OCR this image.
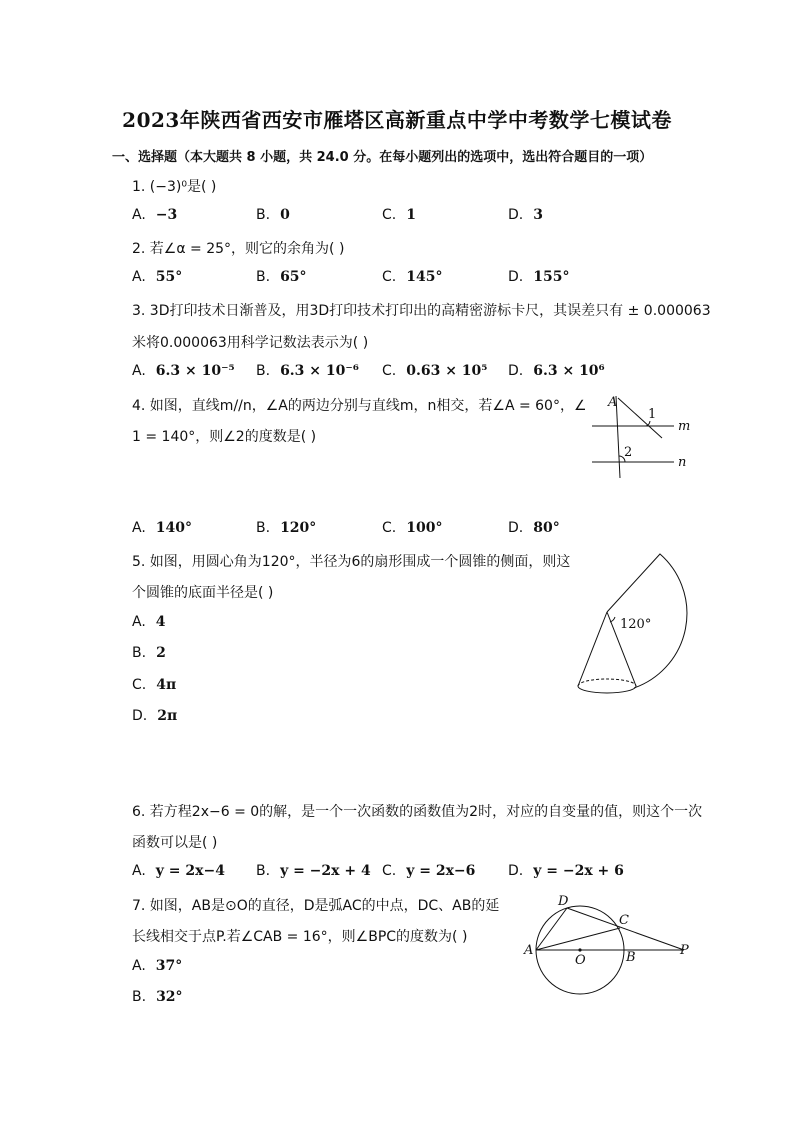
2023年陕西省西安市雁塔区高新重点中学中考数学七模试卷
一、选择题（本大题共 8 小题，共 24.0 分。在每小题列出的选项中，选出符合题目的一项）
1. (−3)⁰是( )
A. −3	B. 0	C. 1	D. 3
2. 若∠α = 25°，则它的余角为( )
A. 55°	B. 65°	C. 145°	D. 155°
3. 3D打印技术日渐普及，用3D打印技术打印出的高精密游标卡尺，其误差只有 ± 0.000063
米将0.000063用科学记数法表示为( )
A. 6.3 × 10⁻⁵ B. 6.3 × 10⁻⁶ C. 0.63 × 10⁵ D. 6.3 × 10⁶
4. 如图，直线m//n，∠A的两边分别与直线m，n相交，若∠A = 60°，∠
1 = 140°，则∠2的度数是( )
A
1
2
m
n
A. 140°	B. 120°	C. 100°	D. 80°
5. 如图，用圆心角为120°，半径为6的扇形围成一个圆锥的侧面，则这
个圆锥的底面半径是( )
A. 4
B. 2
C. 4π
D. 2π
120°
6. 若方程2x−6 = 0的解，是一个一次函数的函数值为2时，对应的自变量的值，则这个一次
函数可以是( )
A. y = 2x−4 B. y = −2x + 4 C. y = 2x−6 D. y = −2x + 6
7. 如图，AB是⊙O的直径，D是弧AC的中点，DC、AB的延
长线相交于点P.若∠CAB = 16°，则∠BPC的度数为( )
A. 37°
B. 32°
A	B
C
D
O
P
